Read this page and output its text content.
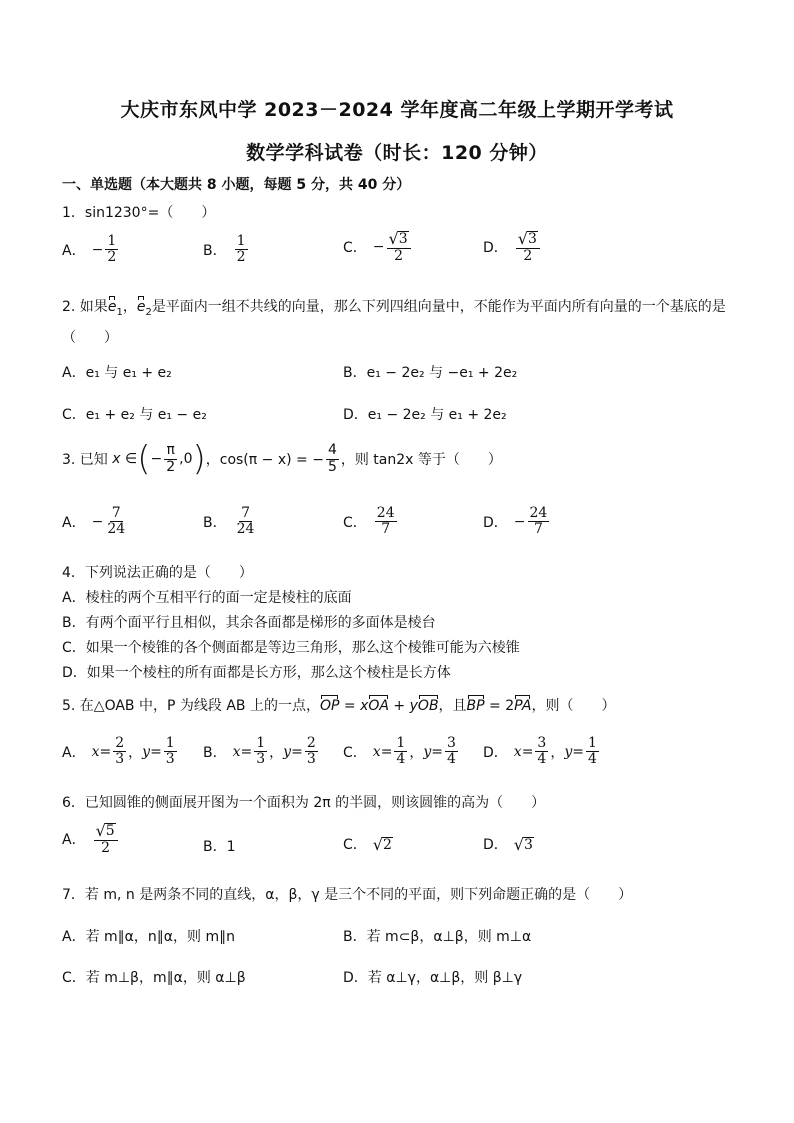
大庆市东风中学 2023－2024 学年度高二年级上学期开学考试
数学学科试卷（时长：120 分钟）
一、单选题（本大题共 8 小题，每题 5 分，共 40 分）
1．sin1230°=（　　）
A． − $\frac{1}{2}$	B． $\frac{1}{2}$	C． − $\frac{√ 3}{2}$	D． $\frac{√ 3}{2}$
2. 如果$e_1$，$e_2$是平面内一组不共线的向量，那么下列四组向量中，不能作为平面内所有向量的一个基底的是
（　　）
A．e₁ 与 e₁ + e₂	B．e₁ − 2e₂ 与 −e₁ + 2e₂
C．e₁ + e₂ 与 e₁ − e₂	D．e₁ − 2e₂ 与 e₁ + 2e₂
3. 已知 x ∈ ( − $\frac{\pi}{2} ,0$ ) ，cos(π − x) = − $\frac{4}{5}$ ，则 tan2x 等于（　　）
A． − $\frac{7}{24}$	B． $\frac{7}{24}$	C． $\frac{24}{7}$	D． − $\frac{24}{7}$
4．下列说法正确的是（　　）
A．棱柱的两个互相平行的面一定是棱柱的底面
B．有两个面平行且相似，其余各面都是梯形的多面体是棱台
C．如果一个棱锥的各个侧面都是等边三角形，那么这个棱锥可能为六棱锥
D．如果一个棱柱的所有面都是长方形，那么这个棱柱是长方体
5. 在△OAB 中，P 为线段 AB 上的一点，OP = xOA + yOB，且BP = 2PA，则（　　）
A． $x = \frac{2}{3}$ ， $y = \frac{1}{3}$ B． $x = \frac{1}{3}$ ， $y = \frac{2}{3}$ C． $x = \frac{1}{4}$ ， $y = \frac{3}{4}$ D． $x = \frac{3}{4}$ ， $y = \frac{1}{4}$
6．已知圆锥的侧面展开图为一个面积为 2π 的半圆，则该圆锥的高为（　　）
A． $\frac{√ 5}{2}$	B．1	C． √ 2	D． √ 3
7．若 m, n 是两条不同的直线，α，β，γ 是三个不同的平面，则下列命题正确的是（　　）
A．若 m∥α，n∥α，则 m∥n	B．若 m⊂β，α⊥β，则 m⊥α
C．若 m⊥β，m∥α，则 α⊥β	D．若 α⊥γ，α⊥β，则 β⊥γ
